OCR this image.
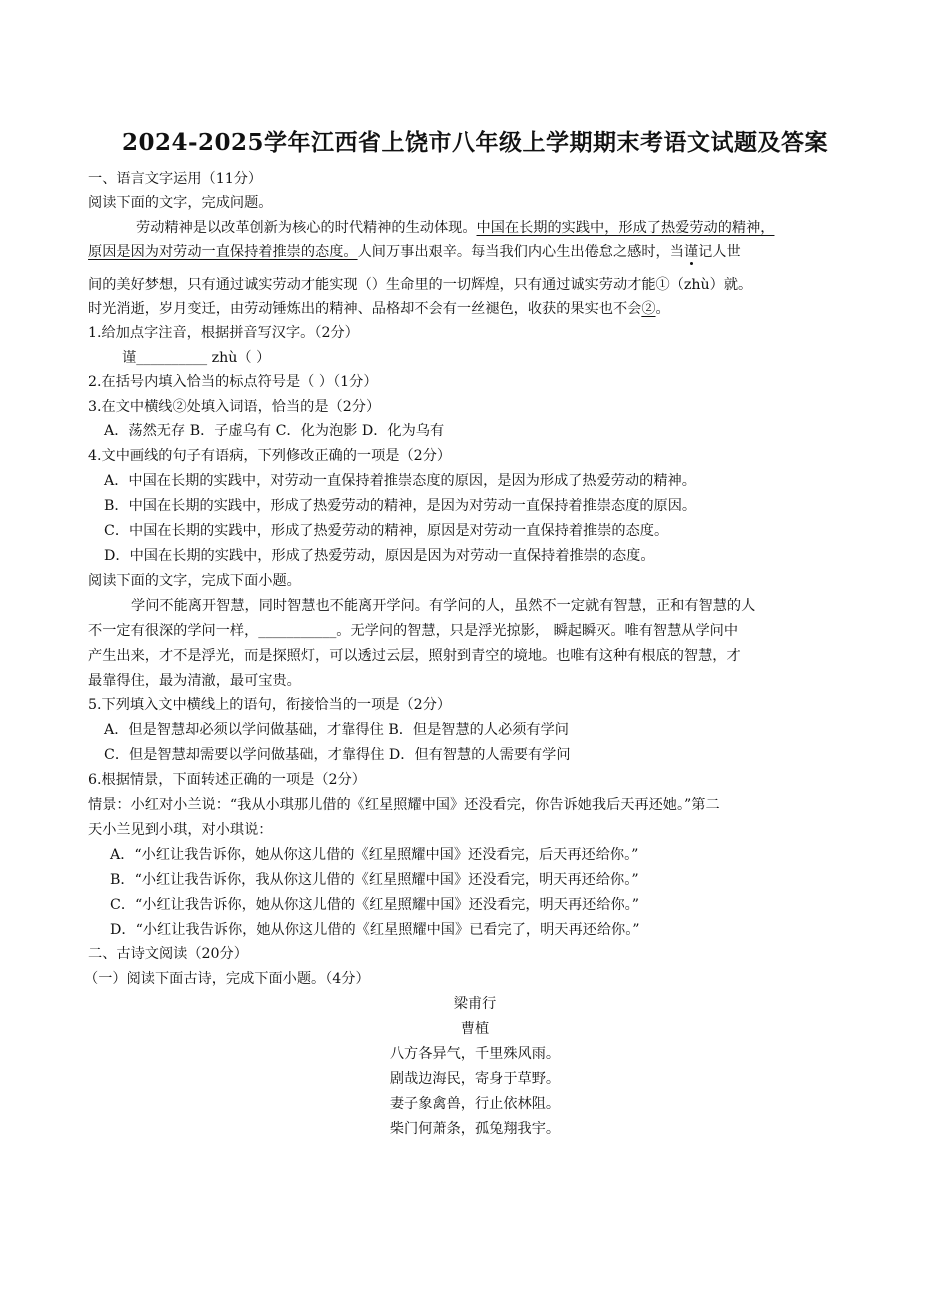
2024-2025学年江西省上饶市八年级上学期期末考语文试题及答案
一、语言文字运用（11分）
阅读下面的文字，完成问题。
劳动精神是以改革创新为核心的时代精神的生动体现。中国在长期的实践中，形成了热爱劳动的精神，
原因是因为对劳动一直保持着推崇的态度。人间万事出艰辛。每当我们内心生出倦怠之感时，当谨记人世
间的美好梦想，只有通过诚实劳动才能实现（）生命里的一切辉煌，只有通过诚实劳动才能①（zhù）就。
时光消逝，岁月变迁，由劳动锤炼出的精神、品格却不会有一丝褪色，收获的果实也不会②。
1.给加点字注音，根据拼音写汉字。（2分）
谨__________ zhù（ ）
2.在括号内填入恰当的标点符号是（ ）（1分）
3.在文中横线②处填入词语，恰当的是（2分）
A．荡然无存 B．子虚乌有 C．化为泡影 D．化为乌有
4.文中画线的句子有语病，下列修改正确的一项是（2分）
A．中国在长期的实践中，对劳动一直保持着推崇态度的原因，是因为形成了热爱劳动的精神。
B．中国在长期的实践中，形成了热爱劳动的精神，是因为对劳动一直保持着推崇态度的原因。
C．中国在长期的实践中，形成了热爱劳动的精神，原因是对劳动一直保持着推崇的态度。
D．中国在长期的实践中，形成了热爱劳动，原因是因为对劳动一直保持着推崇的态度。
阅读下面的文字，完成下面小题。
学问不能离开智慧，同时智慧也不能离开学问。有学问的人，虽然不一定就有智慧，正和有智慧的人
不一定有很深的学问一样，___________。无学问的智慧，只是浮光掠影， 瞬起瞬灭。唯有智慧从学问中
产生出来，才不是浮光，而是探照灯，可以透过云层，照射到青空的境地。也唯有这种有根底的智慧，才
最靠得住，最为清澈，最可宝贵。
5.下列填入文中横线上的语句，衔接恰当的一项是（2分）
A．但是智慧却必须以学问做基础，才靠得住 B．但是智慧的人必须有学问
C．但是智慧却需要以学问做基础，才靠得住 D．但有智慧的人需要有学问
6.根据情景，下面转述正确的一项是（2分）
情景：小红对小兰说：“我从小琪那儿借的《红星照耀中国》还没看完，你告诉她我后天再还她。”第二
天小兰见到小琪，对小琪说：
A．“小红让我告诉你，她从你这儿借的《红星照耀中国》还没看完，后天再还给你。”
B．“小红让我告诉你，我从你这儿借的《红星照耀中国》还没看完，明天再还给你。”
C．“小红让我告诉你，她从你这儿借的《红星照耀中国》还没看完，明天再还给你。”
D．“小红让我告诉你，她从你这儿借的《红星照耀中国》已看完了，明天再还给你。”
二、古诗文阅读（20分）
（一）阅读下面古诗，完成下面小题。（4分）
梁甫行
曹植
八方各异气，千里殊风雨。
剧哉边海民，寄身于草野。
妻子象禽兽，行止依林阻。
柴门何萧条，孤兔翔我宇。
